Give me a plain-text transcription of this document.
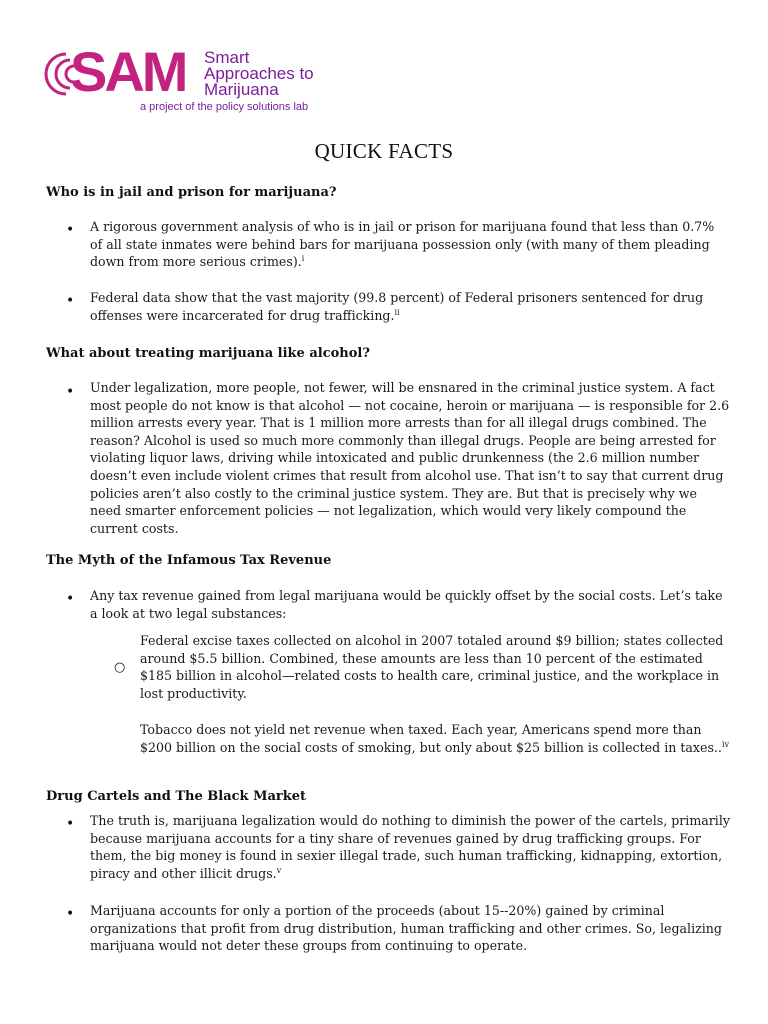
SAM Smart
Approaches to
Marijuana
a project of the policy solutions lab
QUICK FACTS
Who is in jail and prison for marijuana?
• A rigorous government analysis of who is in jail or prison for marijuana found that less than 0.7% of all state inmates were behind bars for marijuana possession only (with many of them pleading down from more serious crimes).$^i$
• Federal data show that the vast majority (99.8 percent) of Federal prisoners sentenced for drug offenses were incarcerated for drug trafficking.$^{ii}$
What about treating marijuana like alcohol?
• Under legalization, more people, not fewer, will be ensnared in the criminal justice system. A fact most people do not know is that alcohol — not cocaine, heroin or marijuana — is responsible for 2.6 million arrests every year. That is 1 million more arrests than for all illegal drugs combined. The reason? Alcohol is used so much more commonly than illegal drugs. People are being arrested for violating liquor laws, driving while intoxicated and public drunkenness (the 2.6 million number doesn’t even include violent crimes that result from alcohol use. That isn’t to say that current drug policies aren’t also costly to the criminal justice system. They are. But that is precisely why we need smarter enforcement policies — not legalization, which would very likely compound the current costs.
The Myth of the Infamous Tax Revenue
• Any tax revenue gained from legal marijuana would be quickly offset by the social costs. Let’s take a look at two legal substances:
○
Federal excise taxes collected on alcohol in 2007 totaled around $9 billion; states collected around $5.5 billion. Combined, these amounts are less than 10 percent of the estimated $185 billion in alcohol—related costs to health care, criminal justice, and the workplace in lost productivity.
Tobacco does not yield net revenue when taxed. Each year, Americans spend more than $200 billion on the social costs of smoking, but only about $25 billion is collected in taxes..$^{iv}$
Drug Cartels and The Black Market
• The truth is, marijuana legalization would do nothing to diminish the power of the cartels, primarily because marijuana accounts for a tiny share of revenues gained by drug trafficking groups. For them, the big money is found in sexier illegal trade, such human trafficking, kidnapping, extortion, piracy and other illicit drugs.$^v$
• Marijuana accounts for only a portion of the proceeds (about 15--20%) gained by criminal organizations that profit from drug distribution, human trafficking and other crimes. So, legalizing marijuana would not deter these groups from continuing to operate.
